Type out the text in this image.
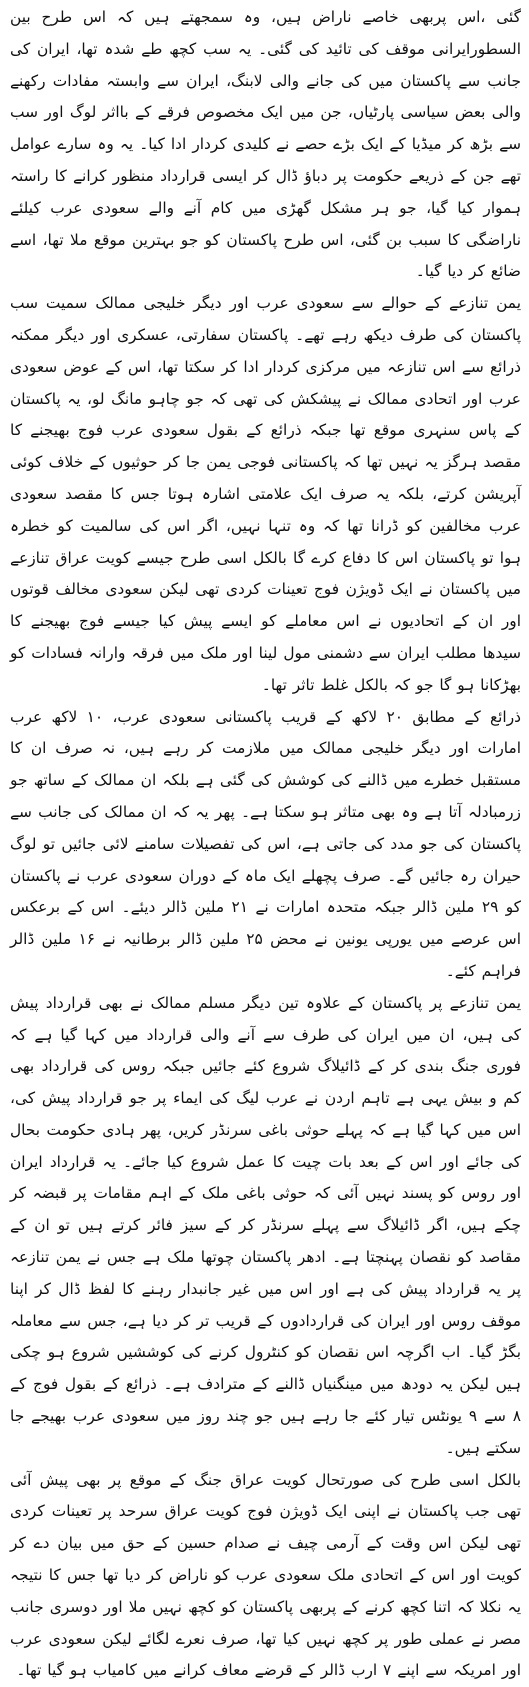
گئی ،اس پربھی خاصے ناراض ہیں، وہ سمجھتے ہیں کہ اس طرح بین السطورایرانی موقف کی تائید کی گئی۔ یہ سب کچھ طے شدہ تھا، ایران کی جانب سے پاکستان میں کی جانے والی لابنگ، ایران سے وابستہ مفادات رکھنے والی بعض سیاسی پارٹیاں، جن میں ایک مخصوص فرقے کے بااثر لوگ اور سب سے بڑھ کر میڈیا کے ایک بڑے حصے نے کلیدی کردار ادا کیا۔ یہ وہ سارے عوامل تھے جن کے ذریعے حکومت پر دباؤ ڈال کر ایسی قرارداد منظور کرانے کا راستہ ہموار کیا گیا، جو ہر مشکل گھڑی میں کام آنے والے سعودی عرب کیلئے ناراضگی کا سبب بن گئی، اس طرح پاکستان کو جو بہترین موقع ملا تھا، اسے ضائع کر دیا گیا۔

یمن تنازعے کے حوالے سے سعودی عرب اور دیگر خلیجی ممالک سمیت سب پاکستان کی طرف دیکھ رہے تھے۔ پاکستان سفارتی، عسکری اور دیگر ممکنہ ذرائع سے اس تنازعہ میں مرکزی کردار ادا کر سکتا تھا، اس کے عوض سعودی عرب اور اتحادی ممالک نے پیشکش کی تھی کہ جو چاہو مانگ لو، یہ پاکستان کے پاس سنہری موقع تھا جبکہ ذرائع کے بقول سعودی عرب فوج بھیجنے کا مقصد ہرگز یہ نہیں تھا کہ پاکستانی فوجی یمن جا کر حوثیوں کے خلاف کوئی آپریشن کرتے، بلکہ یہ صرف ایک علامتی اشارہ ہوتا جس کا مقصد سعودی عرب مخالفین کو ڈرانا تھا کہ وہ تنہا نہیں، اگر اس کی سالمیت کو خطرہ ہوا تو پاکستان اس کا دفاع کرے گا بالکل اسی طرح جیسے کویت عراق تنازعے میں پاکستان نے ایک ڈویژن فوج تعینات کردی تھی لیکن سعودی مخالف قوتوں اور ان کے اتحادیوں نے اس معاملے کو ایسے پیش کیا جیسے فوج بھیجنے کا سیدھا مطلب ایران سے دشمنی مول لینا اور ملک میں فرقہ وارانہ فسادات کو بھڑکانا ہو گا جو کہ بالکل غلط تاثر تھا۔

ذرائع کے مطابق ۲۰ لاکھ کے قریب پاکستانی سعودی عرب، ۱۰ لاکھ عرب امارات اور دیگر خلیجی ممالک میں ملازمت کر رہے ہیں، نہ صرف ان کا مستقبل خطرے میں ڈالنے کی کوشش کی گئی ہے بلکہ ان ممالک کے ساتھ جو زرمبادلہ آتا ہے وہ بھی متاثر ہو سکتا ہے۔ پھر یہ کہ ان ممالک کی جانب سے پاکستان کی جو مدد کی جاتی ہے، اس کی تفصیلات سامنے لائی جائیں تو لوگ حیران رہ جائیں گے۔ صرف پچھلے ایک ماہ کے دوران سعودی عرب نے پاکستان کو ۲۹ ملین ڈالر جبکہ متحدہ امارات نے ۲۱ ملین ڈالر دیئے۔ اس کے برعکس اس عرصے میں یورپی یونین نے محض ۲۵ ملین ڈالر برطانیہ نے ۱۶ ملین ڈالر فراہم کئے۔

یمن تنازعے پر پاکستان کے علاوہ تین دیگر مسلم ممالک نے بھی قرارداد پیش کی ہیں، ان میں ایران کی طرف سے آنے والی قرارداد میں کہا گیا ہے کہ فوری جنگ بندی کر کے ڈائیلاگ شروع کئے جائیں جبکہ روس کی قرارداد بھی کم و بیش یہی ہے تاہم اردن نے عرب لیگ کی ایماء پر جو قرارداد پیش کی، اس میں کہا گیا ہے کہ پہلے حوثی باغی سرنڈر کریں، پھر ہادی حکومت بحال کی جائے اور اس کے بعد بات چیت کا عمل شروع کیا جائے۔ یہ قرارداد ایران اور روس کو پسند نہیں آئی کہ حوثی باغی ملک کے اہم مقامات پر قبضہ کر چکے ہیں، اگر ڈائیلاگ سے پہلے سرنڈر کر کے سیز فائر کرتے ہیں تو ان کے مقاصد کو نقصان پہنچتا ہے۔ ادھر پاکستان چوتھا ملک ہے جس نے یمن تنازعہ پر یہ قرارداد پیش کی ہے اور اس میں غیر جانبدار رہنے کا لفظ ڈال کر اپنا موقف روس اور ایران کی قراردادوں کے قریب تر کر دیا ہے، جس سے معاملہ بگڑ گیا۔ اب اگرچہ اس نقصان کو کنٹرول کرنے کی کوششیں شروع ہو چکی ہیں لیکن یہ دودھ میں مینگنیاں ڈالنے کے مترادف ہے۔ ذرائع کے بقول فوج کے ۸ سے ۹ یونٹس تیار کئے جا رہے ہیں جو چند روز میں سعودی عرب بھیجے جا سکتے ہیں۔

بالکل اسی طرح کی صورتحال کویت عراق جنگ کے موقع پر بھی پیش آئی تھی جب پاکستان نے اپنی ایک ڈویژن فوج کویت عراق سرحد پر تعینات کردی تھی لیکن اس وقت کے آرمی چیف نے صدام حسین کے حق میں بیان دے کر کویت اور اس کے اتحادی ملک سعودی عرب کو ناراض کر دیا تھا جس کا نتیجہ یہ نکلا کہ اتنا کچھ کرنے کے پربھی پاکستان کو کچھ نہیں ملا اور دوسری جانب مصر نے عملی طور پر کچھ نہیں کیا تھا، صرف نعرے لگائے لیکن سعودی عرب اور امریکہ سے اپنے ۷ ارب ڈالر کے قرضے معاف کرانے میں کامیاب ہو گیا تھا۔
